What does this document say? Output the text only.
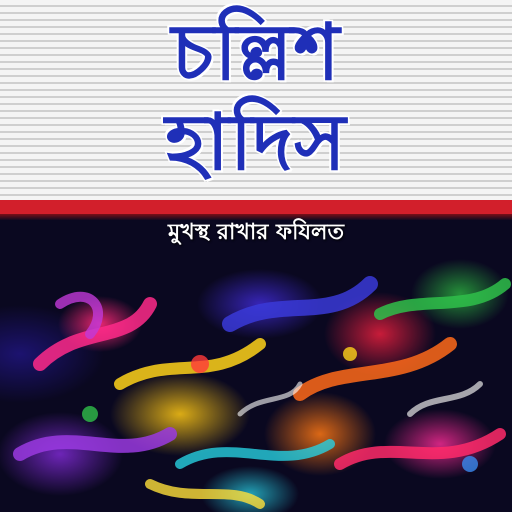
চল্লিশ
হাদিস
মুখস্থ রাখার ফযিলত
